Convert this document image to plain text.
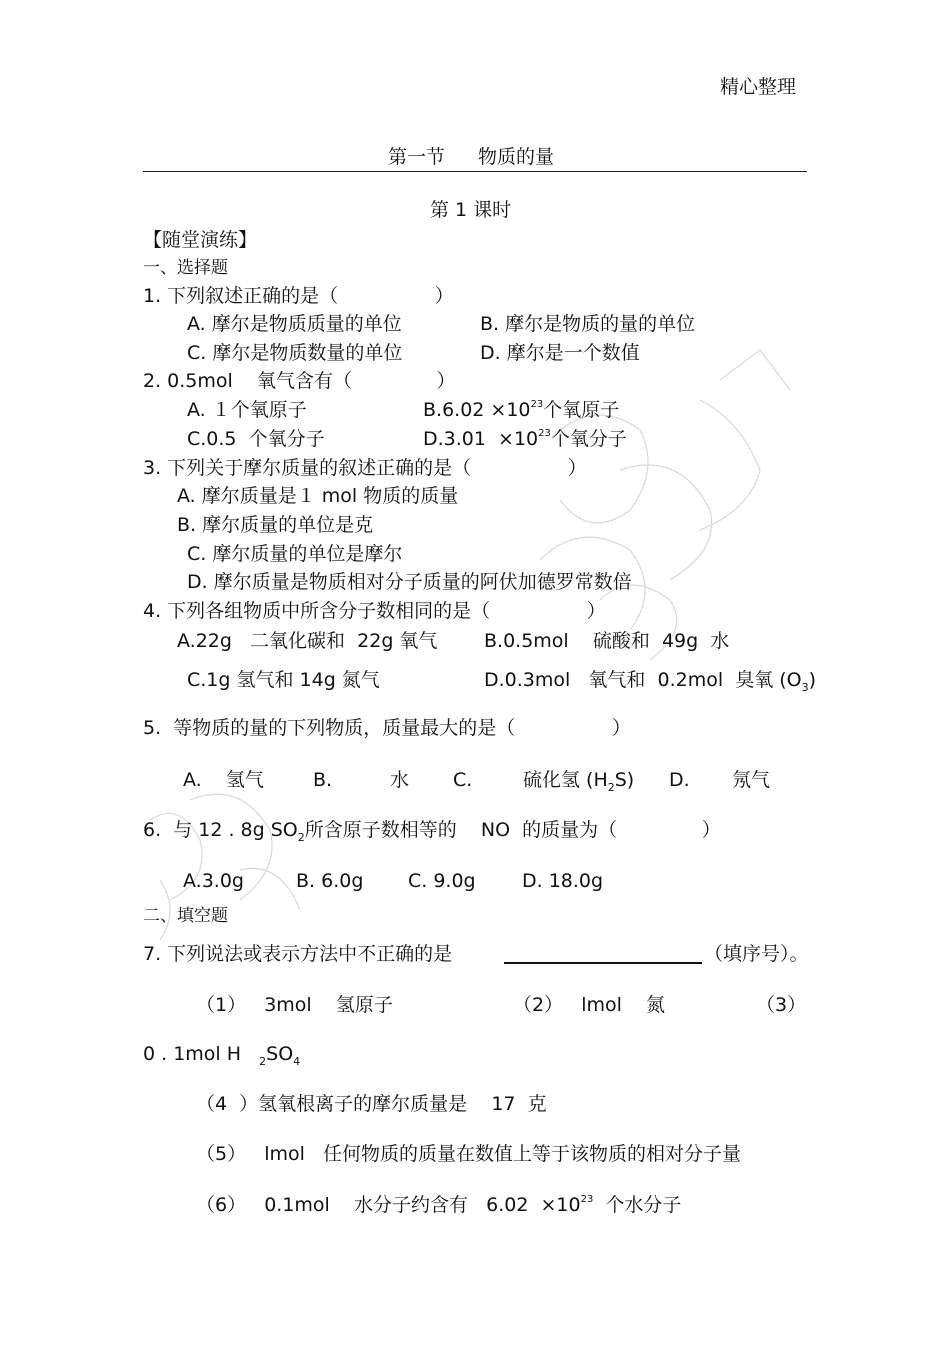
精心整理
第一节 物质的量
第 1 课时
【随堂演练】
一、选择题
1. 下列叙述正确的是（                ）
A. 摩尔是物质质量的单位	B. 摩尔是物质的量的单位
C. 摩尔是物质数量的单位	D. 摩尔是一个数值
2. 0.5mol    氧气含有（              ）
A. １个氧原子	$B.6.02 \times 10^{23}$个氧原子
C.0.5  个氧分子	$D.3.01 \times 10^{23}$个氧分子
3. 下列关于摩尔质量的叙述正确的是（                ）
A. 摩尔质量是１ mol 物质的质量
B. 摩尔质量的单位是克
C. 摩尔质量的单位是摩尔
D. 摩尔质量是物质相对分子质量的阿伏加德罗常数倍
4. 下列各组物质中所含分子数相同的是（                ）
A.22g   二氧化碳和  22g 氧气 B.0.5mol    硫酸和  49g  水
C.1g 氢气和 14g 氮气	D.0.3mol   氧气和  0.2mol  臭氧 $(O_3)$
5.  等物质的量的下列物质，质量最大的是（                ）
A.    氢气	B.	水 C.	硫化氢 $(H_2S)$ D. 氖气
6.  与 12 . 8g $SO_2$所含原子数相等的    NO  的质量为（              ）
A.3.0g	B. 6.0g C. 9.0g D. 18.0g
二、填空题
7. 下列说法或表示方法中不正确的是	（填序号）。
（1）   3mol    氢原子	（2）   lmol    氮	（3）
0 . 1mol H   $_2SO_4$
（4  ）氢氧根离子的摩尔质量是    17  克
（5）   lmol   任何物质的质量在数值上等于该物质的相对分子量
（6）   0.1mol    水分子约含有   $6.02 \times 10^{23}$  个水分子
